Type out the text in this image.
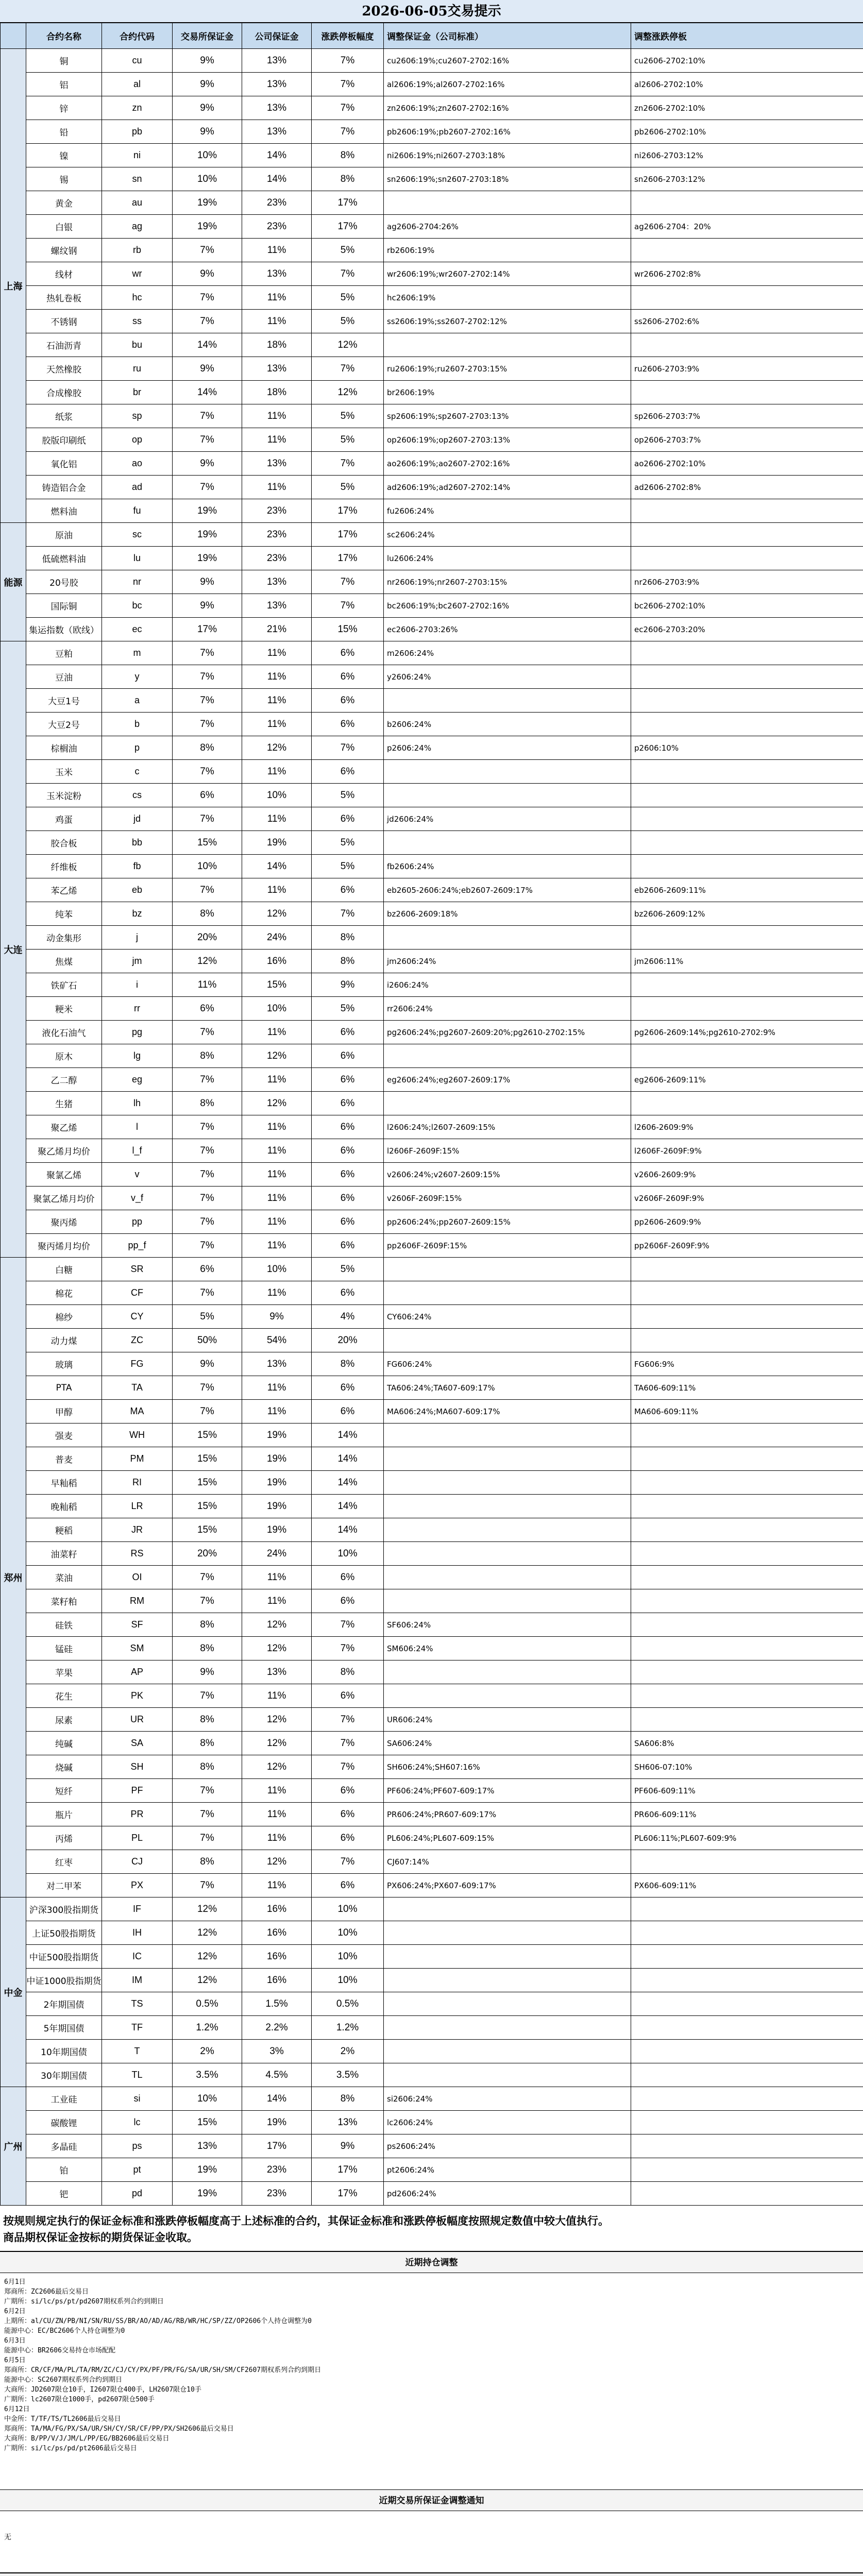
2026-06-05交易提示
	合约名称	合约代码	交易所保证金	公司保证金	涨跌停板幅度	调整保证金（公司标准）	调整涨跌停板
上海	铜	cu	9%	13%	7%	cu2606:19%;cu2607-2702:16%	cu2606-2702:10%
	铝	al	9%	13%	7%	al2606:19%;al2607-2702:16%	al2606-2702:10%
	锌	zn	9%	13%	7%	zn2606:19%;zn2607-2702:16%	zn2606-2702:10%
	铅	pb	9%	13%	7%	pb2606:19%;pb2607-2702:16%	pb2606-2702:10%
	镍	ni	10%	14%	8%	ni2606:19%;ni2607-2703:18%	ni2606-2703:12%
	锡	sn	10%	14%	8%	sn2606:19%;sn2607-2703:18%	sn2606-2703:12%
	黄金	au	19%	23%	17%		
	白银	ag	19%	23%	17%	ag2606-2704:26%	ag2606-2704：20%
	螺纹钢	rb	7%	11%	5%	rb2606:19%	
	线材	wr	9%	13%	7%	wr2606:19%;wr2607-2702:14%	wr2606-2702:8%
	热轧卷板	hc	7%	11%	5%	hc2606:19%	
	不锈钢	ss	7%	11%	5%	ss2606:19%;ss2607-2702:12%	ss2606-2702:6%
	石油沥青	bu	14%	18%	12%		
	天然橡胶	ru	9%	13%	7%	ru2606:19%;ru2607-2703:15%	ru2606-2703:9%
	合成橡胶	br	14%	18%	12%	br2606:19%	
	纸浆	sp	7%	11%	5%	sp2606:19%;sp2607-2703:13%	sp2606-2703:7%
	胶版印刷纸	op	7%	11%	5%	op2606:19%;op2607-2703:13%	op2606-2703:7%
	氧化铝	ao	9%	13%	7%	ao2606:19%;ao2607-2702:16%	ao2606-2702:10%
	铸造铝合金	ad	7%	11%	5%	ad2606:19%;ad2607-2702:14%	ad2606-2702:8%
	燃料油	fu	19%	23%	17%	fu2606:24%	
能源	原油	sc	19%	23%	17%	sc2606:24%	
	低硫燃料油	lu	19%	23%	17%	lu2606:24%	
	20号胶	nr	9%	13%	7%	nr2606:19%;nr2607-2703:15%	nr2606-2703:9%
	国际铜	bc	9%	13%	7%	bc2606:19%;bc2607-2702:16%	bc2606-2702:10%
	集运指数（欧线）	ec	17%	21%	15%	ec2606-2703:26%	ec2606-2703:20%
大连	豆粕	m	7%	11%	6%	m2606:24%	
	豆油	y	7%	11%	6%	y2606:24%	
	大豆1号	a	7%	11%	6%		
	大豆2号	b	7%	11%	6%	b2606:24%	
	棕榈油	p	8%	12%	7%	p2606:24%	p2606:10%
	玉米	c	7%	11%	6%		
	玉米淀粉	cs	6%	10%	5%		
	鸡蛋	jd	7%	11%	6%	jd2606:24%	
	胶合板	bb	15%	19%	5%		
	纤维板	fb	10%	14%	5%	fb2606:24%	
	苯乙烯	eb	7%	11%	6%	eb2605-2606:24%;eb2607-2609:17%	eb2606-2609:11%
	纯苯	bz	8%	12%	7%	bz2606-2609:18%	bz2606-2609:12%
	动金集形	j	20%	24%	8%		
	焦煤	jm	12%	16%	8%	jm2606:24%	jm2606:11%
	铁矿石	i	11%	15%	9%	i2606:24%	
	粳米	rr	6%	10%	5%	rr2606:24%	
	液化石油气	pg	7%	11%	6%	pg2606:24%;pg2607-2609:20%;pg2610-2702:15%	pg2606-2609:14%;pg2610-2702:9%
	原木	lg	8%	12%	6%		
	乙二醇	eg	7%	11%	6%	eg2606:24%;eg2607-2609:17%	eg2606-2609:11%
	生猪	lh	8%	12%	6%		
	聚乙烯	l	7%	11%	6%	l2606:24%;l2607-2609:15%	l2606-2609:9%
	聚乙烯月均价	l_f	7%	11%	6%	l2606F-2609F:15%	l2606F-2609F:9%
	聚氯乙烯	v	7%	11%	6%	v2606:24%;v2607-2609:15%	v2606-2609:9%
	聚氯乙烯月均价	v_f	7%	11%	6%	v2606F-2609F:15%	v2606F-2609F:9%
	聚丙烯	pp	7%	11%	6%	pp2606:24%;pp2607-2609:15%	pp2606-2609:9%
	聚丙烯月均价	pp_f	7%	11%	6%	pp2606F-2609F:15%	pp2606F-2609F:9%
郑州	白糖	SR	6%	10%	5%		
	棉花	CF	7%	11%	6%		
	棉纱	CY	5%	9%	4%	CY606:24%	
	动力煤	ZC	50%	54%	20%		
	玻璃	FG	9%	13%	8%	FG606:24%	FG606:9%
	PTA	TA	7%	11%	6%	TA606:24%;TA607-609:17%	TA606-609:11%
	甲醇	MA	7%	11%	6%	MA606:24%;MA607-609:17%	MA606-609:11%
	强麦	WH	15%	19%	14%		
	普麦	PM	15%	19%	14%		
	早籼稻	RI	15%	19%	14%		
	晚籼稻	LR	15%	19%	14%		
	粳稻	JR	15%	19%	14%		
	油菜籽	RS	20%	24%	10%		
	菜油	OI	7%	11%	6%		
	菜籽粕	RM	7%	11%	6%		
	硅铁	SF	8%	12%	7%	SF606:24%	
	锰硅	SM	8%	12%	7%	SM606:24%	
	苹果	AP	9%	13%	8%		
	花生	PK	7%	11%	6%		
	尿素	UR	8%	12%	7%	UR606:24%	
	纯碱	SA	8%	12%	7%	SA606:24%	SA606:8%
	烧碱	SH	8%	12%	7%	SH606:24%;SH607:16%	SH606-07:10%
	短纤	PF	7%	11%	6%	PF606:24%;PF607-609:17%	PF606-609:11%
	瓶片	PR	7%	11%	6%	PR606:24%;PR607-609:17%	PR606-609:11%
	丙烯	PL	7%	11%	6%	PL606:24%;PL607-609:15%	PL606:11%;PL607-609:9%
	红枣	CJ	8%	12%	7%	CJ607:14%	
	对二甲苯	PX	7%	11%	6%	PX606:24%;PX607-609:17%	PX606-609:11%
中金	沪深300股指期货	IF	12%	16%	10%		
	上证50股指期货	IH	12%	16%	10%		
	中证500股指期货	IC	12%	16%	10%		
	中证1000股指期货	IM	12%	16%	10%		
	2年期国债	TS	0.5%	1.5%	0.5%		
	5年期国债	TF	1.2%	2.2%	1.2%		
	10年期国债	T	2%	3%	2%		
	30年期国债	TL	3.5%	4.5%	3.5%		
广州	工业硅	si	10%	14%	8%	si2606:24%	
	碳酸锂	lc	15%	19%	13%	lc2606:24%	
	多晶硅	ps	13%	17%	9%	ps2606:24%	
	铂	pt	19%	23%	17%	pt2606:24%	
	钯	pd	19%	23%	17%	pd2606:24%	
按规则规定执行的保证金标准和涨跌停板幅度高于上述标准的合约，其保证金标准和涨跌停板幅度按照规定数值中较大值执行。
商品期权保证金按标的期货保证金收取。
近期持仓调整
6月1日
郑商所：ZC2606最后交易日
广期所：si/lc/ps/pt/pd2607期权系列合约到期日
6月2日
上期所：al/CU/ZN/PB/NI/SN/RU/SS/BR/AO/AD/AG/RB/WR/HC/SP/ZZ/OP2606个人持仓调整为0
能源中心：EC/BC2606个人持仓调整为0
6月3日
能源中心：BR2606交易持仓市场配配
6月5日
郑商所：CR/CF/MA/PL/TA/RM/ZC/CJ/CY/PX/PF/PR/FG/SA/UR/SH/SM/CF2607期权系列合约到期日
能源中心：SC2607期权系列合约到期日
大商所：JD2607限仓10手，I2607限仓400手，LH2607限仓10手
广期所：lc2607限仓1000手，pd2607限仓500手
6月12日
中金所：T/TF/TS/TL2606最后交易日
郑商所：TA/MA/FG/PX/SA/UR/SH/CY/SR/CF/PP/PX/SH2606最后交易日
大商所：B/PP/V/J/JM/L/PP/EG/BB2606最后交易日
广期所：si/lc/ps/pd/pt2606最后交易日
近期交易所保证金调整通知
无
